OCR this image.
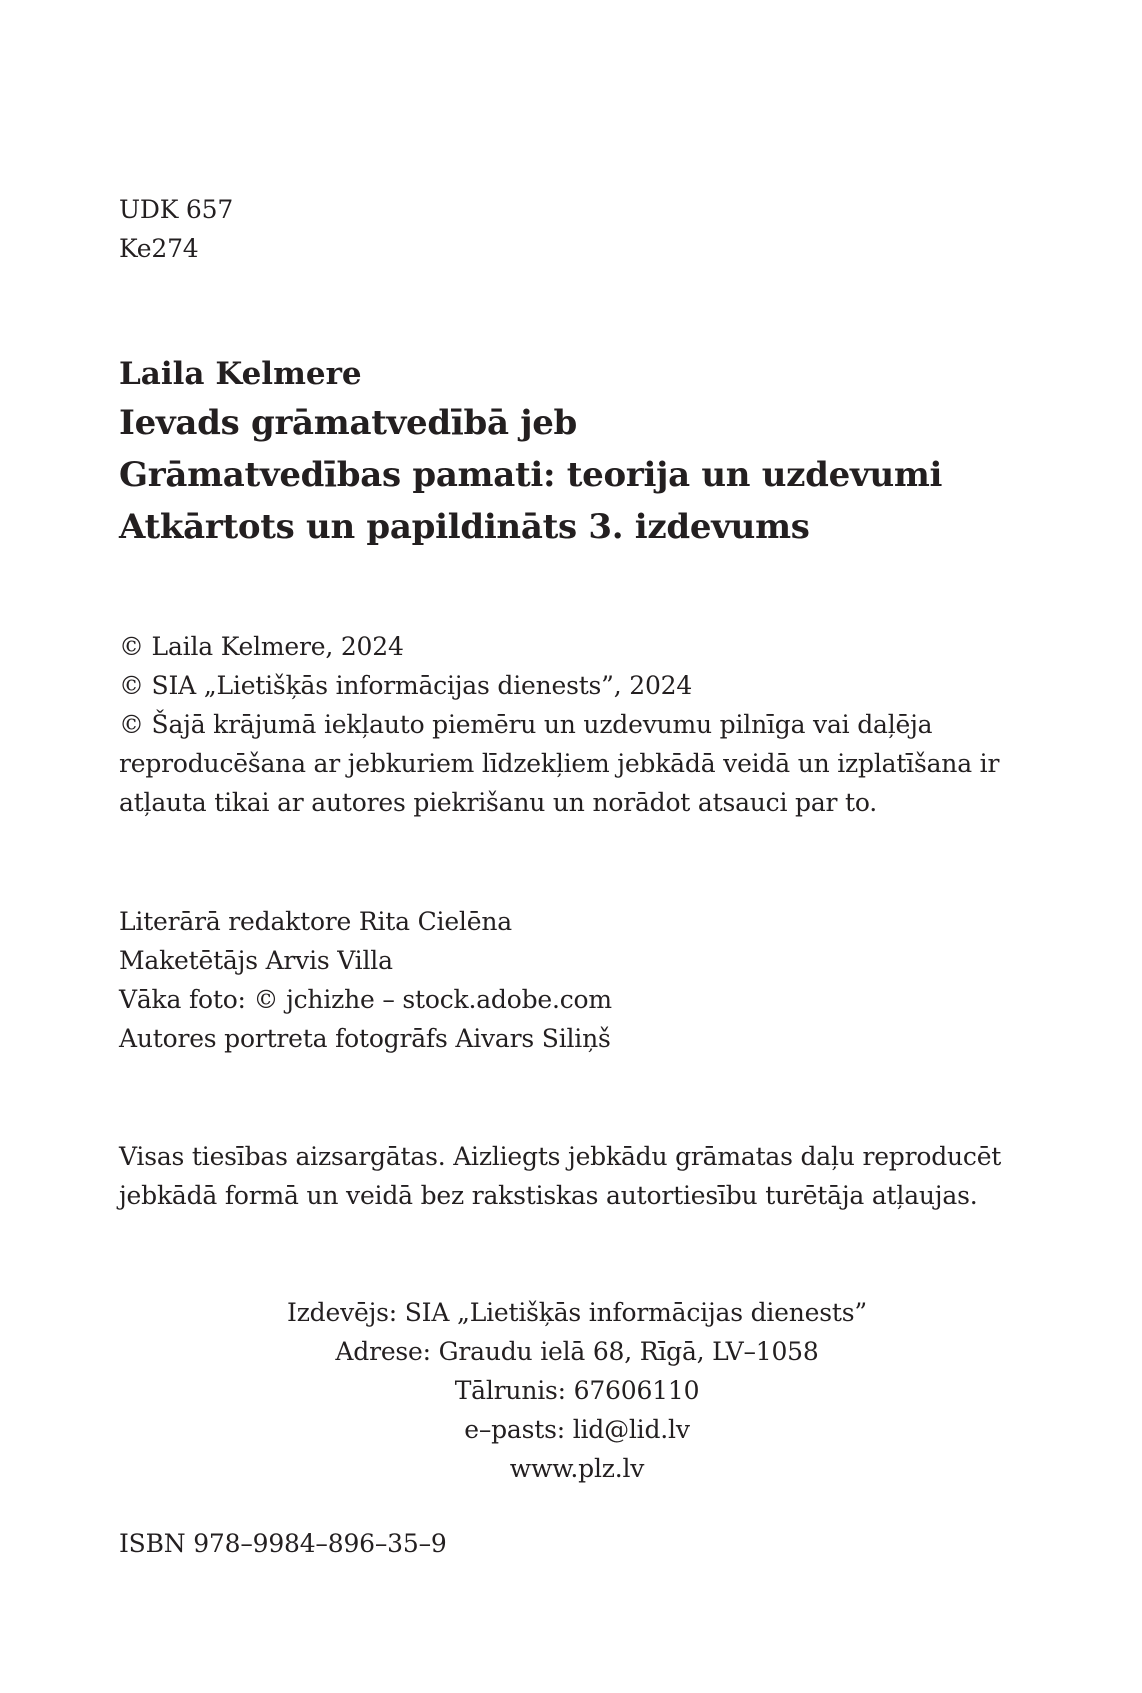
UDK 657
Ke274
Laila Kelmere
Ievads grāmatvedībā jeb
Grāmatvedības pamati: teorija un uzdevumi
Atkārtots un papildināts 3. izdevums
© Laila Kelmere, 2024
© SIA „Lietišķās informācijas dienests”, 2024
© Šajā krājumā iekļauto piemēru un uzdevumu pilnīga vai daļēja
reproducēšana ar jebkuriem līdzekļiem jebkādā veidā un izplatīšana ir
atļauta tikai ar autores piekrišanu un norādot atsauci par to.
Literārā redaktore Rita Cielēna
Maketētājs Arvis Villa
Vāka foto: © jchizhe – stock.adobe.com
Autores portreta fotogrāfs Aivars Siliņš
Visas tiesības aizsargātas. Aizliegts jebkādu grāmatas daļu reproducēt
jebkādā formā un veidā bez rakstiskas autortiesību turētāja atļaujas.
Izdevējs: SIA „Lietišķās informācijas dienests”
Adrese: Graudu ielā 68, Rīgā, LV–1058
Tālrunis: 67606110
e–pasts: lid@lid.lv
www.plz.lv
ISBN 978–9984–896–35–9
